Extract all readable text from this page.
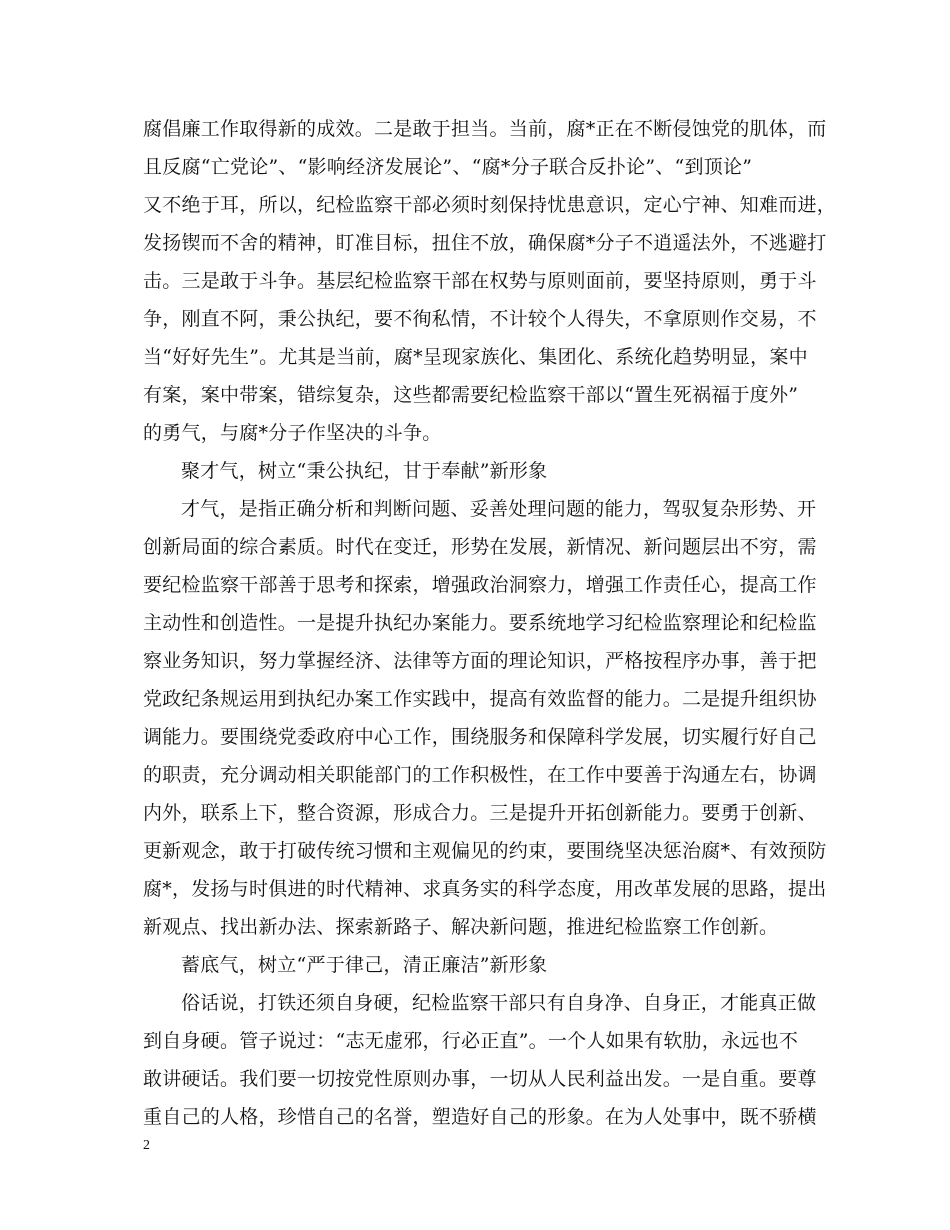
腐倡廉工作取得新的成效。二是敢于担当。当前，腐*正在不断侵蚀党的肌体，而
且反腐“亡党论”、“影响经济发展论”、“腐*分子联合反扑论”、“到顶论”
又不绝于耳，所以，纪检监察干部必须时刻保持忧患意识，定心宁神、知难而进，
发扬锲而不舍的精神，盯准目标，扭住不放，确保腐*分子不逍遥法外，不逃避打
击。三是敢于斗争。基层纪检监察干部在权势与原则面前，要坚持原则，勇于斗
争，刚直不阿，秉公执纪，要不徇私情，不计较个人得失，不拿原则作交易，不
当“好好先生”。尤其是当前，腐*呈现家族化、集团化、系统化趋势明显，案中
有案，案中带案，错综复杂，这些都需要纪检监察干部以“置生死祸福于度外”
的勇气，与腐*分子作坚决的斗争。
聚才气，树立“秉公执纪，甘于奉献”新形象
才气，是指正确分析和判断问题、妥善处理问题的能力，驾驭复杂形势、开
创新局面的综合素质。时代在变迁，形势在发展，新情况、新问题层出不穷，需
要纪检监察干部善于思考和探索，增强政治洞察力，增强工作责任心，提高工作
主动性和创造性。一是提升执纪办案能力。要系统地学习纪检监察理论和纪检监
察业务知识，努力掌握经济、法律等方面的理论知识，严格按程序办事，善于把
党政纪条规运用到执纪办案工作实践中，提高有效监督的能力。二是提升组织协
调能力。要围绕党委政府中心工作，围绕服务和保障科学发展，切实履行好自己
的职责，充分调动相关职能部门的工作积极性，在工作中要善于沟通左右，协调
内外，联系上下，整合资源，形成合力。三是提升开拓创新能力。要勇于创新、
更新观念，敢于打破传统习惯和主观偏见的约束，要围绕坚决惩治腐*、有效预防
腐*，发扬与时俱进的时代精神、求真务实的科学态度，用改革发展的思路，提出
新观点、找出新办法、探索新路子、解决新问题，推进纪检监察工作创新。
蓄底气，树立“严于律己，清正廉洁”新形象
俗话说，打铁还须自身硬，纪检监察干部只有自身净、自身正，才能真正做
到自身硬。管子说过：“志无虚邪，行必正直”。一个人如果有软肋，永远也不
敢讲硬话。我们要一切按党性原则办事，一切从人民利益出发。一是自重。要尊
重自己的人格，珍惜自己的名誉，塑造好自己的形象。在为人处事中，既不骄横
2
